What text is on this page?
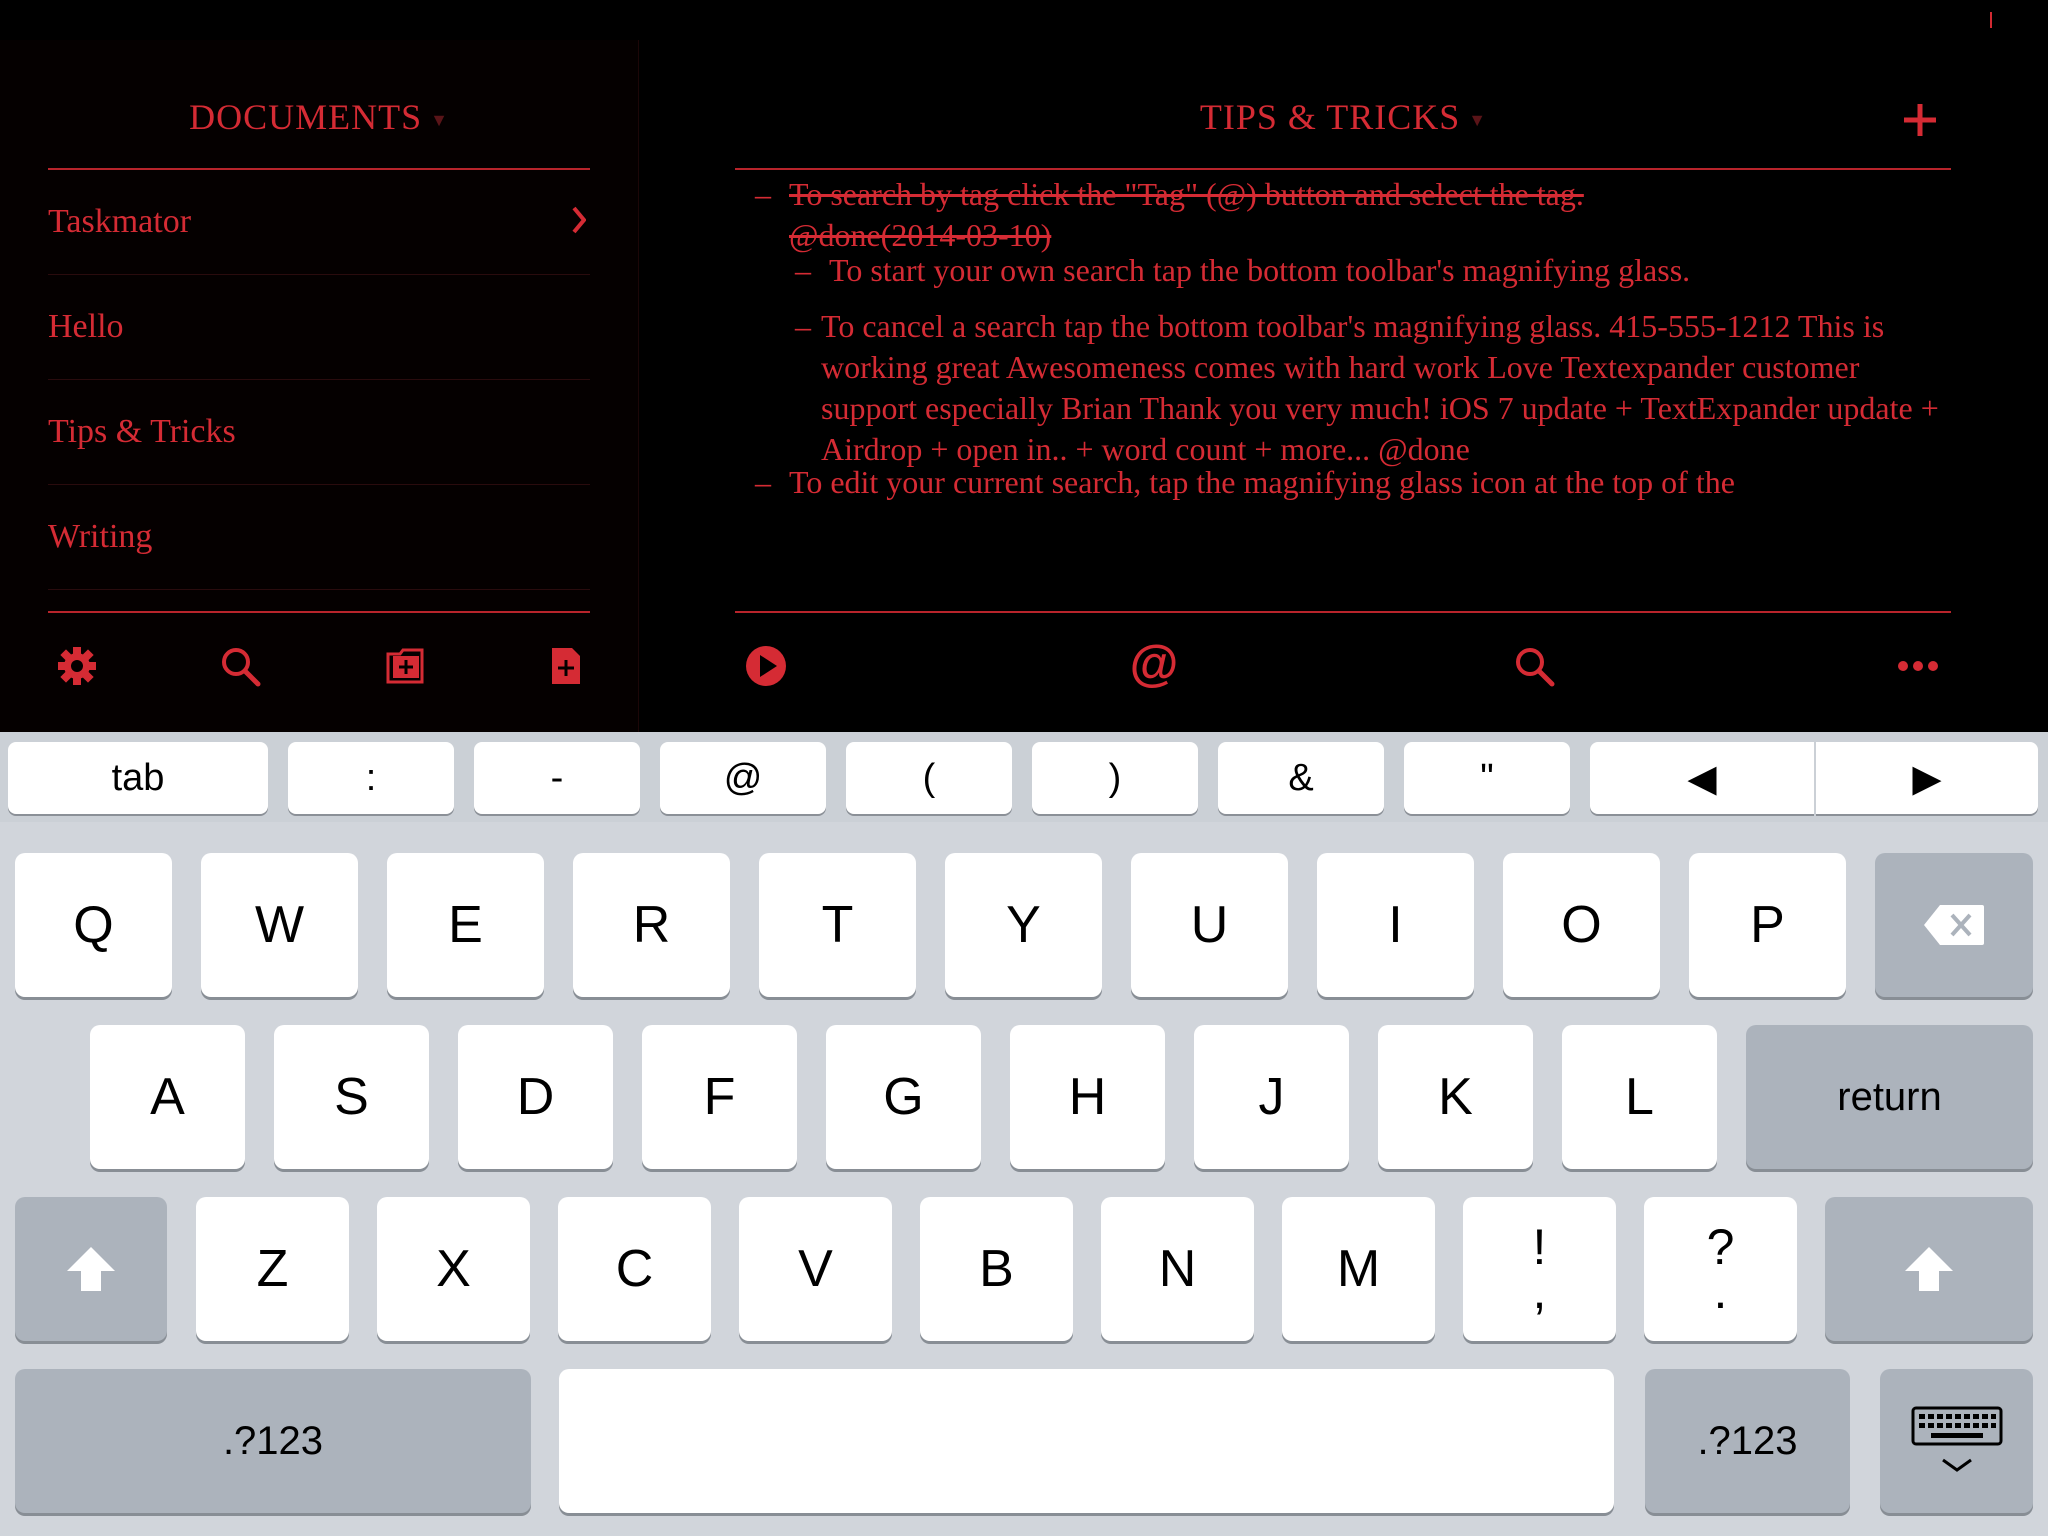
DOCUMENTS ▼
Taskmator
Hello
Tips & Tricks
Writing
TIPS & TRICKS ▼
– To search by tag click the "Tag" (@) button and select the tag.
@done(2014-03-10)
– To start your own search tap the bottom toolbar's magnifying glass.
– To cancel a search tap the bottom toolbar's magnifying glass. 415-555-1212 This is working great Awesomeness comes with hard work Love Textexpander customer support especially Brian Thank you very much! iOS 7 update + TextExpander update + Airdrop + open in.. + word count + more... @done
– To edit your current search, tap the magnifying glass icon at the top of the
@
tab	:	-	@	(	)	&	"	◀	▶
Q	W	E	R	T	Y	U	I	O	P
A	S	D	F	G	H	J	K	L	return
Z	X	C	V	B	N	M	!
,
?
.
.?123	.?123
